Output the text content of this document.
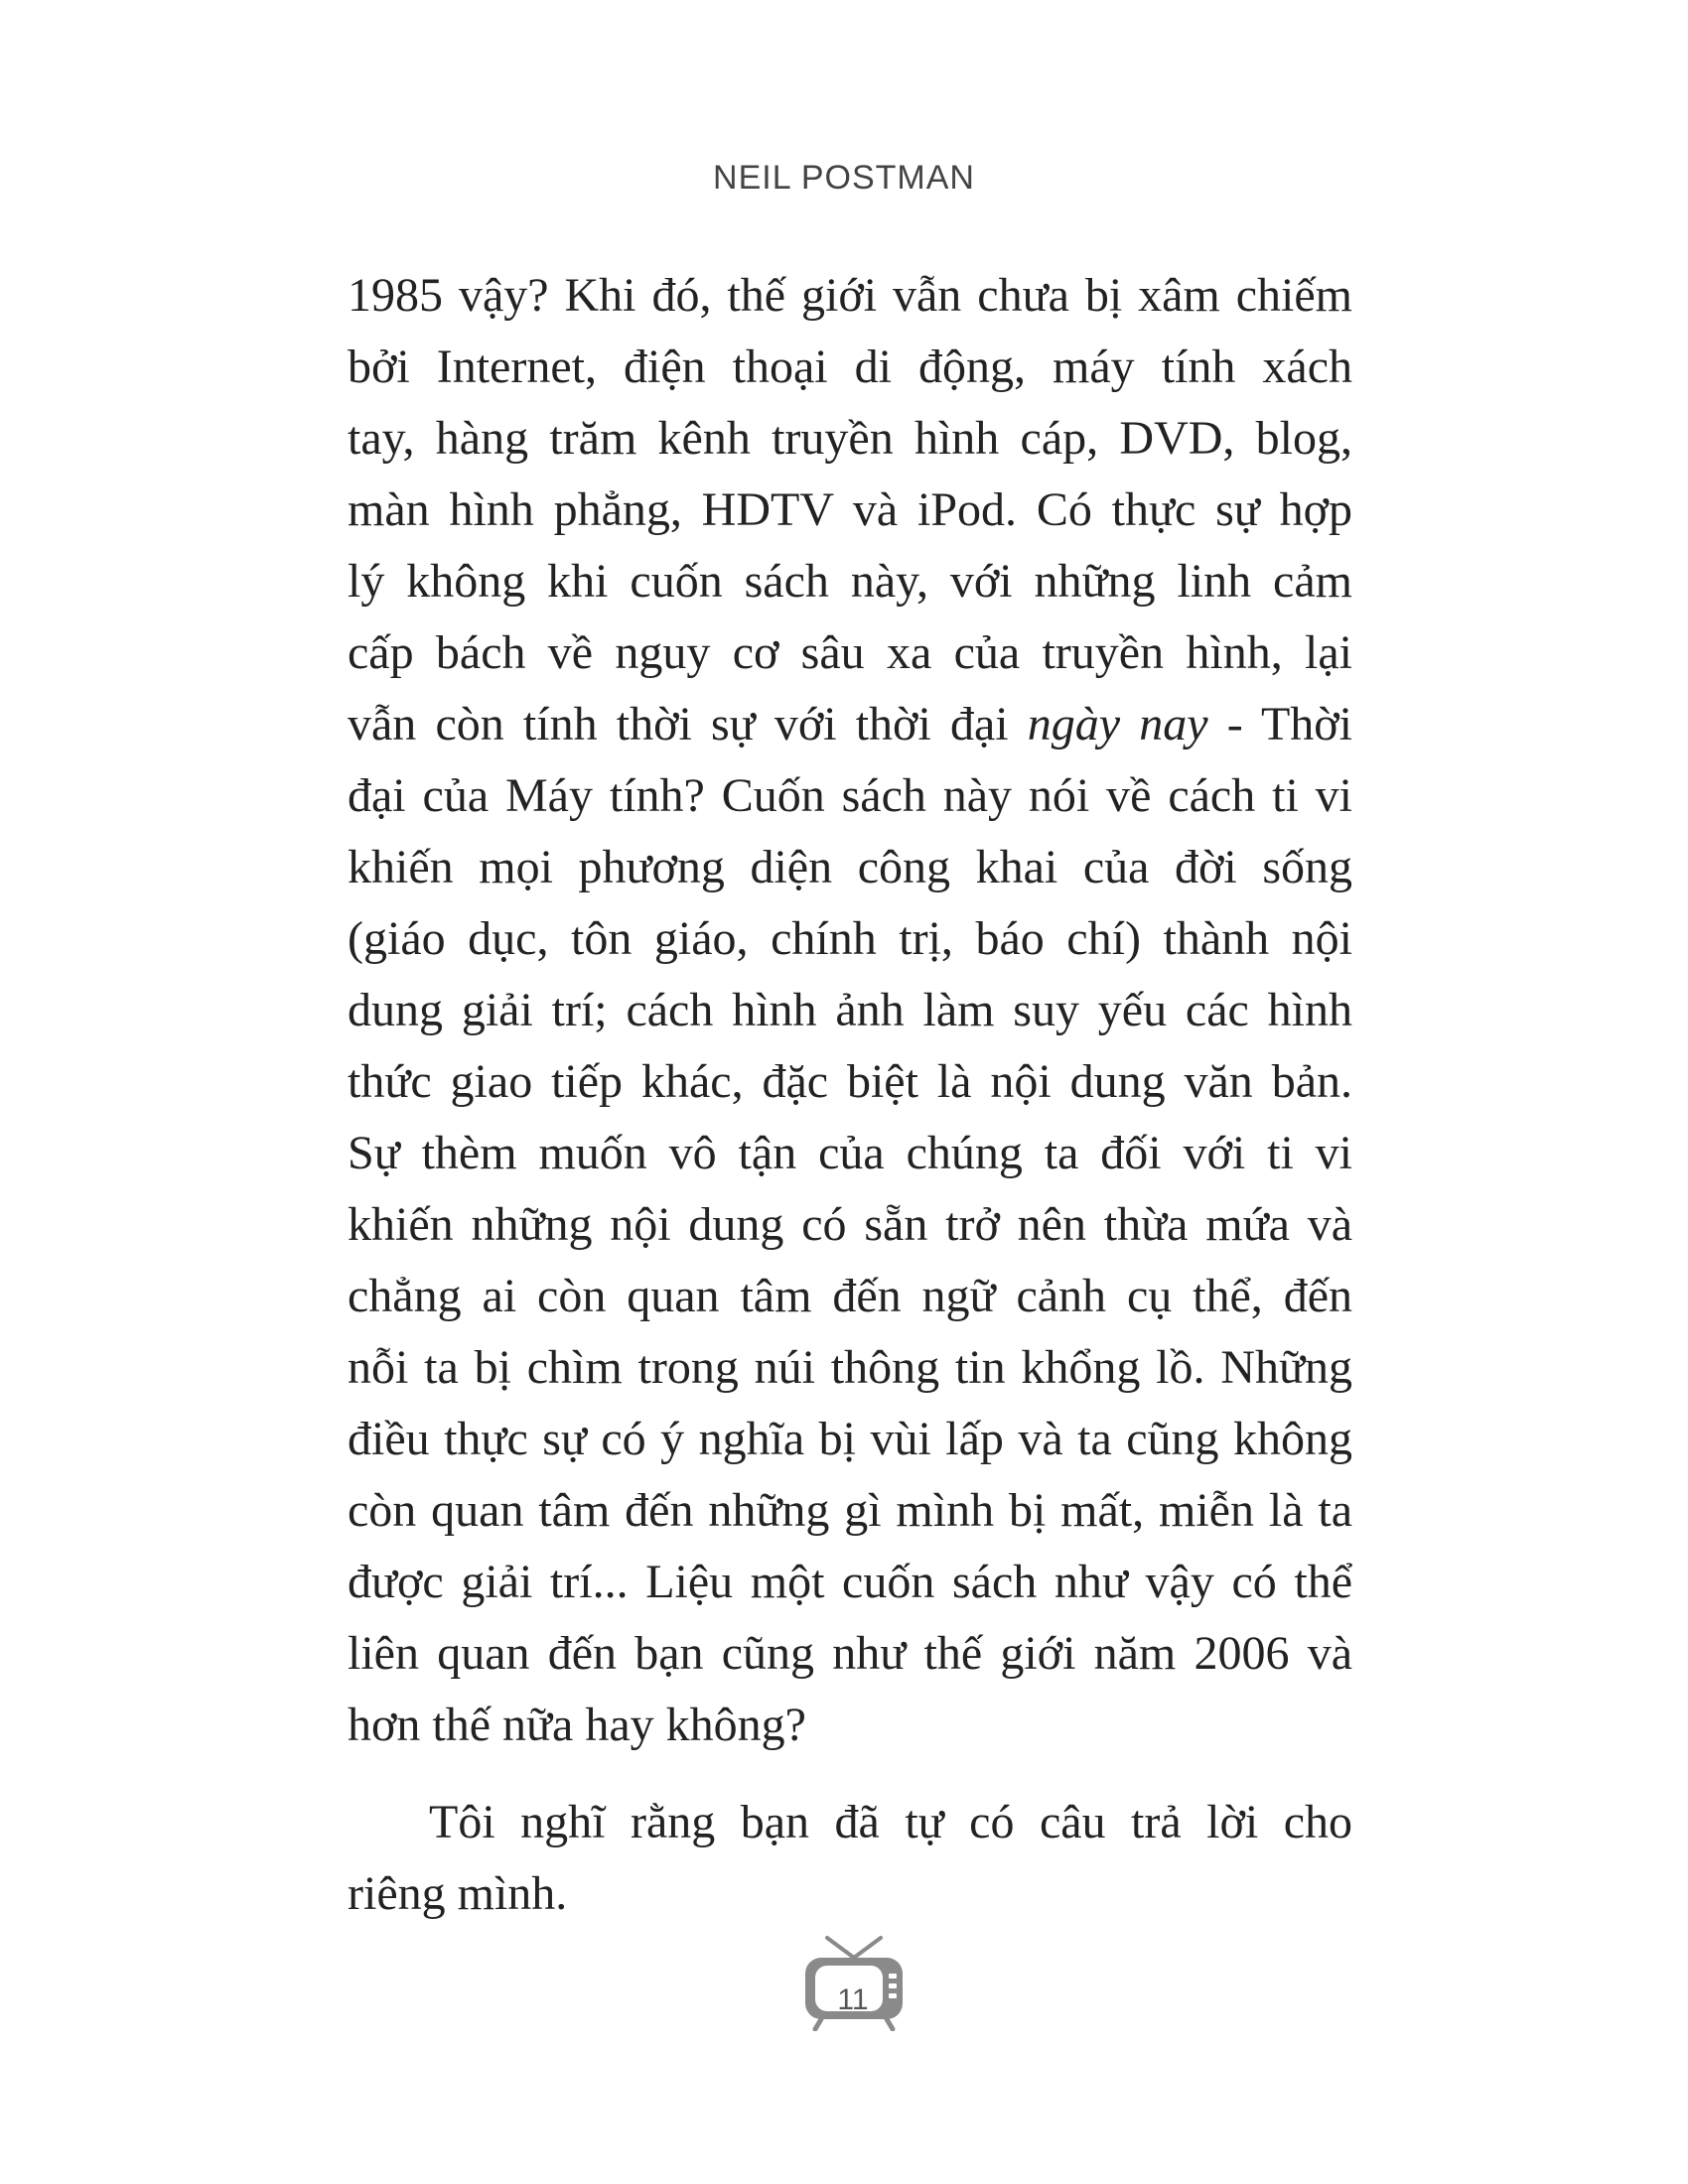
NEIL POSTMAN
1985 vậy? Khi đó, thế giới vẫn chưa bị xâm chiếm
bởi Internet, điện thoại di động, máy tính xách
tay, hàng trăm kênh truyền hình cáp, DVD, blog,
màn hình phẳng, HDTV và iPod. Có thực sự hợp
lý không khi cuốn sách này, với những linh cảm
cấp bách về nguy cơ sâu xa của truyền hình, lại
vẫn còn tính thời sự với thời đại ngày nay - Thời
đại của Máy tính? Cuốn sách này nói về cách ti vi
khiến mọi phương diện công khai của đời sống
(giáo dục, tôn giáo, chính trị, báo chí) thành nội
dung giải trí; cách hình ảnh làm suy yếu các hình
thức giao tiếp khác, đặc biệt là nội dung văn bản.
Sự thèm muốn vô tận của chúng ta đối với ti vi
khiến những nội dung có sẵn trở nên thừa mứa và
chẳng ai còn quan tâm đến ngữ cảnh cụ thể, đến
nỗi ta bị chìm trong núi thông tin khổng lồ. Những
điều thực sự có ý nghĩa bị vùi lấp và ta cũng không
còn quan tâm đến những gì mình bị mất, miễn là ta
được giải trí... Liệu một cuốn sách như vậy có thể
liên quan đến bạn cũng như thế giới năm 2006 và
hơn thế nữa hay không?
Tôi nghĩ rằng bạn đã tự có câu trả lời cho
riêng mình.
11
